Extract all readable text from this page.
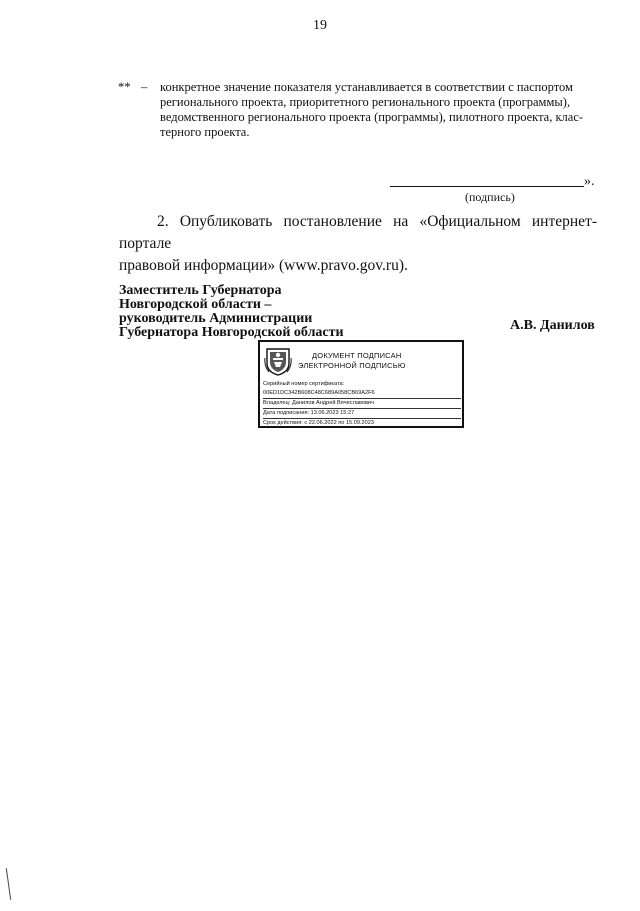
19
** – конкретное значение показателя устанавливается в соответствии с паспортом
регионального проекта, приоритетного регионального проекта (программы),
ведомственного регионального проекта (программы), пилотного проекта, клас-
терного проекта.
».
(подпись)
2. Опубликовать постановление на «Официальном интернет-портале
правовой информации» (www.pravo.gov.ru).
Заместитель Губернатора
Новгородской области –
руководитель Администрации
Губернатора Новгородской области	А.В. Данилов
ДОКУМЕНТ ПОДПИСАН
ЭЛЕКТРОННОЙ ПОДПИСЬЮ
Серийный номер сертификата:
00ED1DC342B608C48C689A058CB69A2F6
Владелец: Данилов Андрей Вячеславович
Дата подписания: 13.06.2023 15:27
Срок действия: с 22.06.2022 по 15.09.2023
